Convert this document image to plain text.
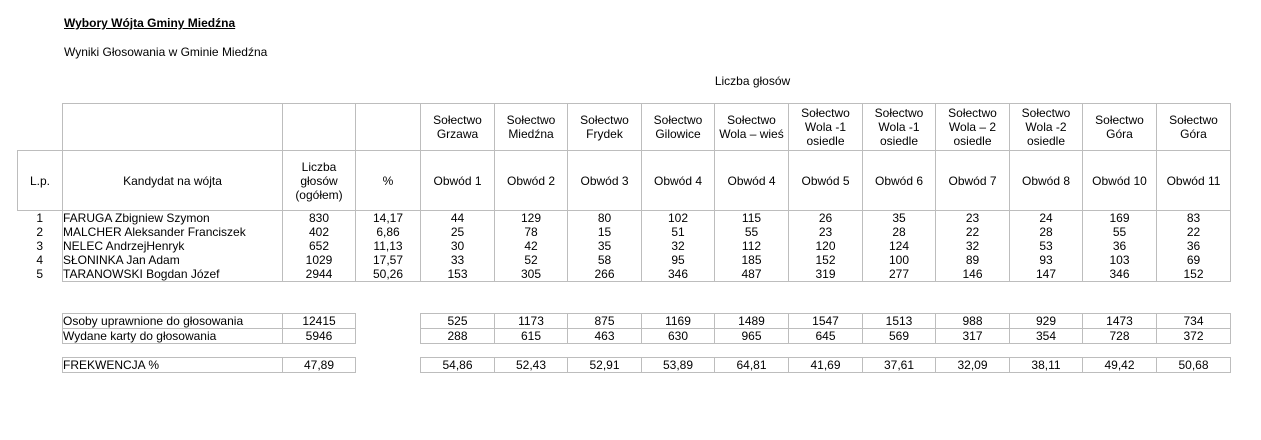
Wybory Wójta Gminy Miedźna
Wyniki Głosowania w Gminie Miedźna
Liczba głosów
				Sołectwo Grzawa	Sołectwo Miedźna	Sołectwo Frydek	Sołectwo Gilowice	Sołectwo Wola – wieś	Sołectwo Wola -1 osiedle	Sołectwo Wola -1 osiedle	Sołectwo Wola – 2 osiedle	Sołectwo Wola -2 osiedle	Sołectwo Góra	Sołectwo Góra
L.p.	Kandydat na wójta	Liczba głosów (ogółem)	%	Obwód 1	Obwód 2	Obwód 3	Obwód 4	Obwód 4	Obwód 5	Obwód 6	Obwód 7	Obwód 8	Obwód 10	Obwód 11
1	FARUGA Zbigniew Szymon	830	14,17	44	129	80	102	115	26	35	23	24	169	83
2	MALCHER Aleksander Franciszek	402	6,86	25	78	15	51	55	23	28	22	28	55	22
3	NELEC AndrzejHenryk	652	11,13	30	42	35	32	112	120	124	32	53	36	36
4	SŁONINKA Jan Adam	1029	17,57	33	52	58	95	185	152	100	89	93	103	69
5	TARANOWSKI Bogdan Józef	2944	50,26	153	305	266	346	487	319	277	146	147	346	152
Osoby uprawnione do głosowania	12415		525	1173	875	1169	1489	1547	1513	988	929	1473	734
Wydane karty do głosowania	5946		288	615	463	630	965	645	569	317	354	728	372
FREKWENCJA %	47,89		54,86	52,43	52,91	53,89	64,81	41,69	37,61	32,09	38,11	49,42	50,68
